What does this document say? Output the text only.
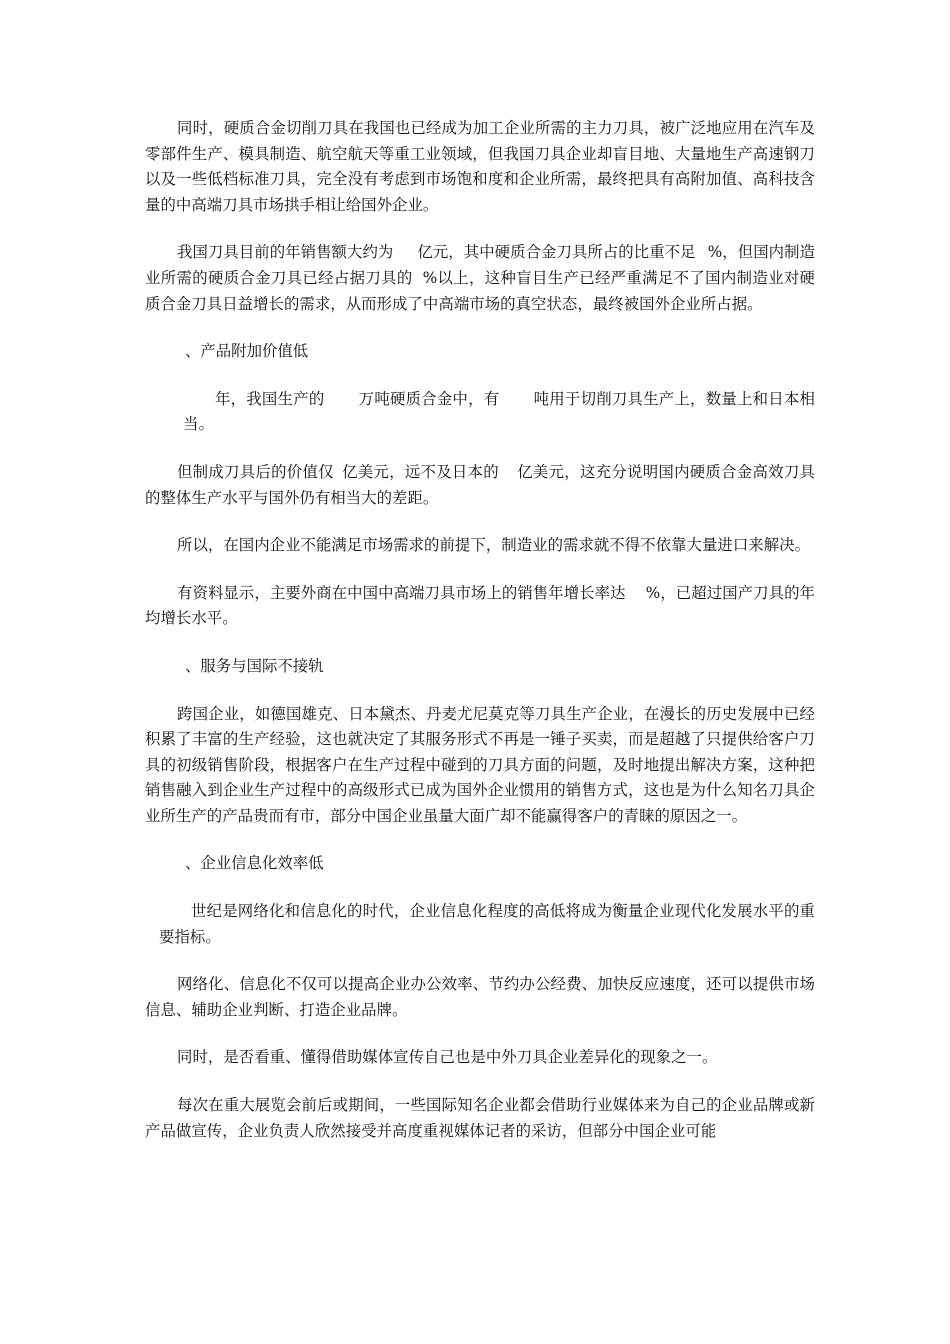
同时，硬质合金切削刀具在我国也已经成为加工企业所需的主力刀具，被广泛地应用在汽车及零部件生产、模具制造、航空航天等重工业领域，但我国刀具企业却盲目地、大量地生产高速钢刀以及一些低档标准刀具，完全没有考虑到市场饱和度和企业所需，最终把具有高附加值、高科技含量的中高端刀具市场拱手相让给国外企业。

我国刀具目前的年销售额大约为 亿元，其中硬质合金刀具所占的比重不足 %，但国内制造业所需的硬质合金刀具已经占据刀具的 %以上，这种盲目生产已经严重满足不了国内制造业对硬质合金刀具日益增长的需求，从而形成了中高端市场的真空状态，最终被国外企业所占据。

、产品附加价值低

年，我国生产的 万吨硬质合金中，有 吨用于切削刀具生产上，数量上和日本相当。

但制成刀具后的价值仅 亿美元，远不及日本的 亿美元，这充分说明国内硬质合金高效刀具的整体生产水平与国外仍有相当大的差距。

所以，在国内企业不能满足市场需求的前提下，制造业的需求就不得不依靠大量进口来解决。

有资料显示，主要外商在中国中高端刀具市场上的销售年增长率达 %，已超过国产刀具的年均增长水平。

、服务与国际不接轨

跨国企业，如德国雄克、日本黛杰、丹麦尤尼莫克等刀具生产企业，在漫长的历史发展中已经积累了丰富的生产经验，这也就决定了其服务形式不再是一锤子买卖，而是超越了只提供给客户刀具的初级销售阶段，根据客户在生产过程中碰到的刀具方面的问题，及时地提出解决方案，这种把销售融入到企业生产过程中的高级形式已成为国外企业惯用的销售方式，这也是为什么知名刀具企业所生产的产品贵而有市，部分中国企业虽量大面广却不能赢得客户的青睐的原因之一。

、企业信息化效率低

世纪是网络化和信息化的时代，企业信息化程度的高低将成为衡量企业现代化发展水平的重要指标。

网络化、信息化不仅可以提高企业办公效率、节约办公经费、加快反应速度，还可以提供市场信息、辅助企业判断、打造企业品牌。

同时，是否看重、懂得借助媒体宣传自己也是中外刀具企业差异化的现象之一。

每次在重大展览会前后或期间，一些国际知名企业都会借助行业媒体来为自己的企业品牌或新产品做宣传，企业负责人欣然接受并高度重视媒体记者的采访，但部分中国企业可能
